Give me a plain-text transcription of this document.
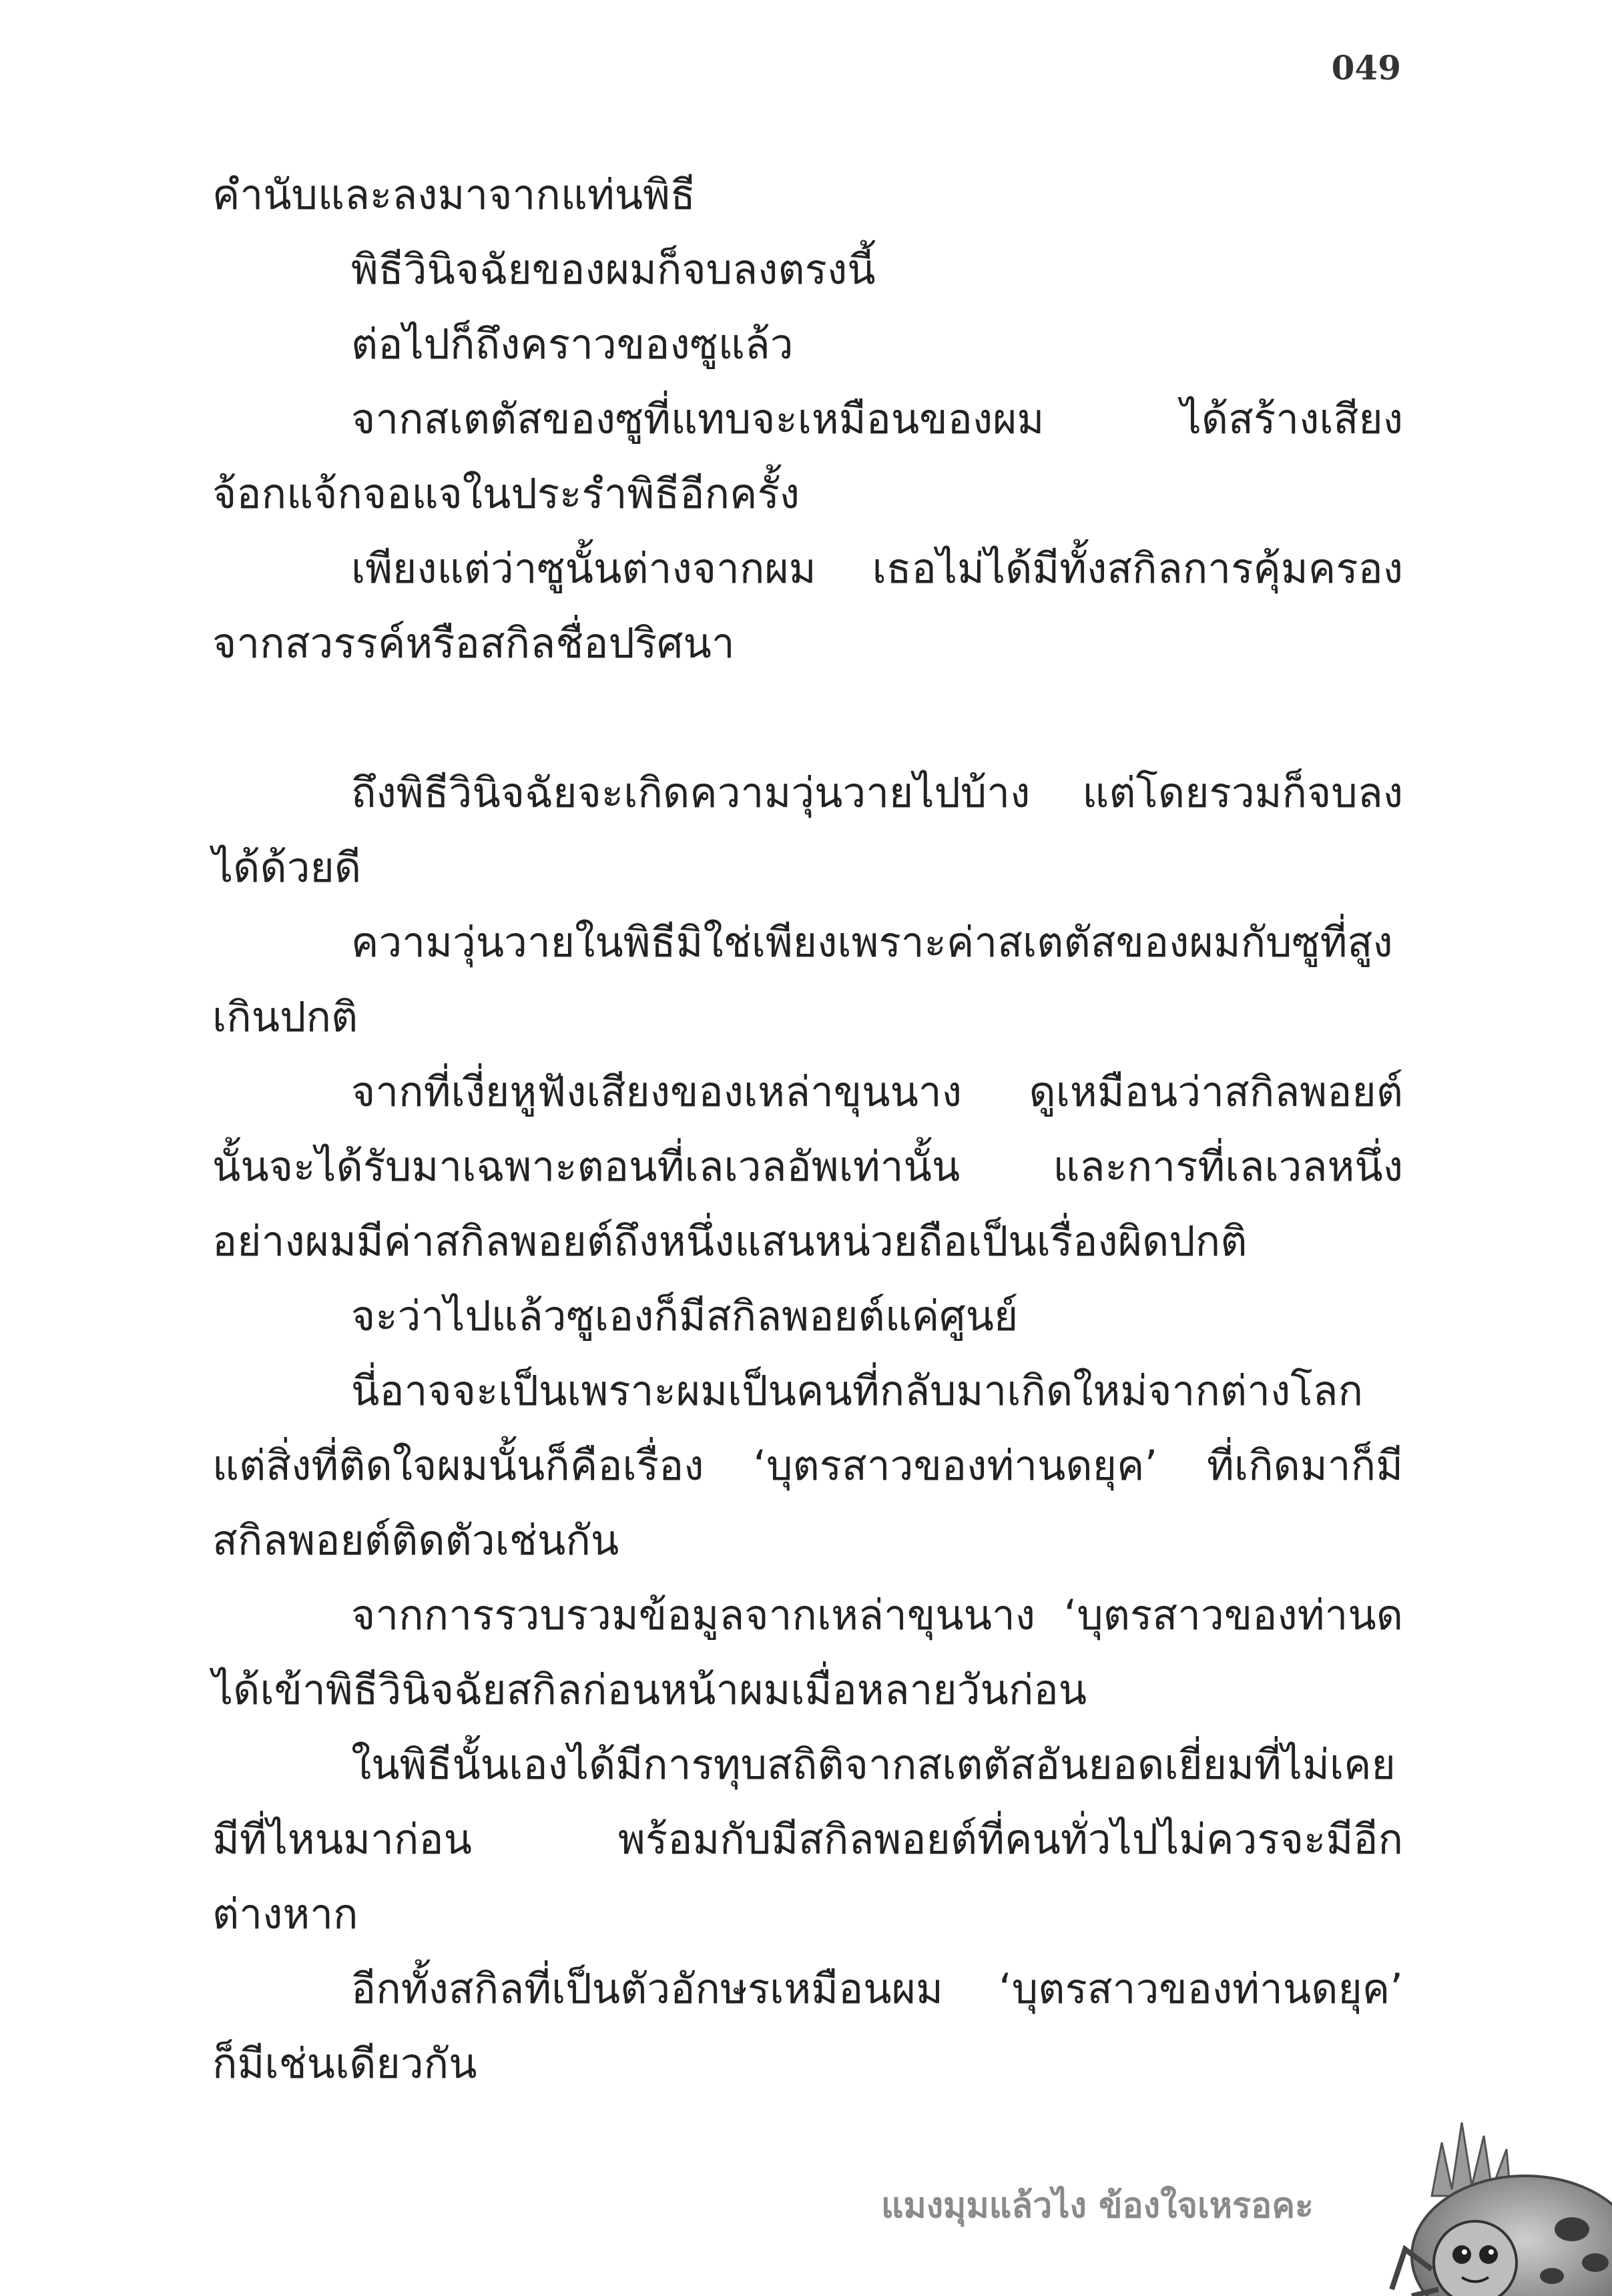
049
คำนับและลงมาจากแท่นพิธี
พิธีวินิจฉัยของผมก็จบลงตรงนี้
ต่อไปก็ถึงคราวของซูแล้ว
จากสเตตัสของซูที่แทบจะเหมือนของผม ได้สร้างเสียง
จ้อกแจ้กจอแจในประรำพิธีอีกครั้ง
เพียงแต่ว่าซูนั้นต่างจากผม เธอไม่ได้มีทั้งสกิลการคุ้มครอง
จากสวรรค์หรือสกิลชื่อปริศนา
ถึงพิธีวินิจฉัยจะเกิดความวุ่นวายไปบ้าง แต่โดยรวมก็จบลง
ได้ด้วยดี
ความวุ่นวายในพิธีมิใช่เพียงเพราะค่าสเตตัสของผมกับซูที่สูง
เกินปกติ
จากที่เงี่ยหูฟังเสียงของเหล่าขุนนาง ดูเหมือนว่าสกิลพอยต์
นั้นจะได้รับมาเฉพาะตอนที่เลเวลอัพเท่านั้น และการที่เลเวลหนึ่ง
อย่างผมมีค่าสกิลพอยต์ถึงหนึ่งแสนหน่วยถือเป็นเรื่องผิดปกติ
จะว่าไปแล้วซูเองก็มีสกิลพอยต์แค่ศูนย์
นี่อาจจะเป็นเพราะผมเป็นคนที่กลับมาเกิดใหม่จากต่างโลก
แต่สิ่งที่ติดใจผมนั้นก็คือเรื่อง ‘บุตรสาวของท่านดยุค’ ที่เกิดมาก็มี
สกิลพอยต์ติดตัวเช่นกัน
จากการรวบรวมข้อมูลจากเหล่าขุนนาง ‘บุตรสาวของท่านด
ได้เข้าพิธีวินิจฉัยสกิลก่อนหน้าผมเมื่อหลายวันก่อน
ในพิธีนั้นเองได้มีการทุบสถิติจากสเตตัสอันยอดเยี่ยมที่ไม่เคย
มีที่ไหนมาก่อน พร้อมกับมีสกิลพอยต์ที่คนทั่วไปไม่ควรจะมีอีก
ต่างหาก
อีกทั้งสกิลที่เป็นตัวอักษรเหมือนผม ‘บุตรสาวของท่านดยุค’
ก็มีเช่นเดียวกัน
แมงมุมแล้วไง ข้องใจเหรอคะ
